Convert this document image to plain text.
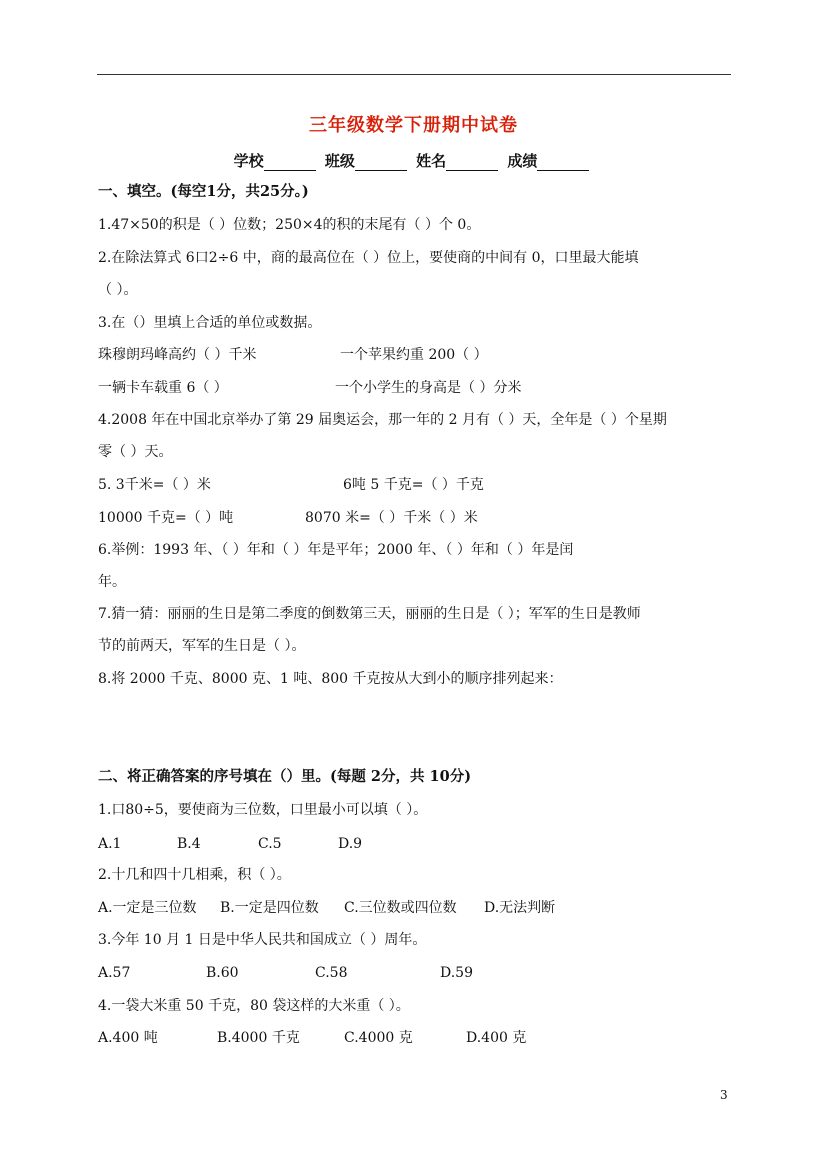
三年级数学下册期中试卷
学校	班级	姓名	成绩
一、填空。(每空1分，共25分。)
1.47×50的积是（ ）位数；250×4的积的末尾有（ ）个 0。
2.在除法算式 6口2÷6 中，商的最高位在（ ）位上，要使商的中间有 0，口里最大能填
（ ）。
3.在（）里填上合适的单位或数据。
珠穆朗玛峰高约（ ）千米	一个苹果约重 200（ ）
一辆卡车载重 6（ ）	一个小学生的身高是（ ）分米
4.2008 年在中国北京举办了第 29 届奥运会，那一年的 2 月有（ ）天，全年是（ ）个星期
零（ ）天。
5. 3千米=（ ）米	6吨 5 千克=（ ）千克
10000 千克=（ ）吨	8070 米=（ ）千米（ ）米
6.举例：1993 年、（ ）年和（ ）年是平年；2000 年、（ ）年和（ ）年是闰
年。
7.猜一猜：丽丽的生日是第二季度的倒数第三天，丽丽的生日是（ ）；军军的生日是教师
节的前两天，军军的生日是（ ）。
8.将 2000 千克、8000 克、1 吨、800 千克按从大到小的顺序排列起来：
二、将正确答案的序号填在（）里。(每题 2分，共 10分)
1.口80÷5，要使商为三位数，口里最小可以填（ ）。
A.1	B.4	C.5	D.9
2.十几和四十几相乘，积（ ）。
A.一定是三位数 B.一定是四位数 C.三位数或四位数 D.无法判断
3.今年 10 月 1 日是中华人民共和国成立（ ）周年。
A.57	B.60	C.58	D.59
4.一袋大米重 50 千克，80 袋这样的大米重（ ）。
A.400 吨	B.4000 千克	C.4000 克	D.400 克
3
